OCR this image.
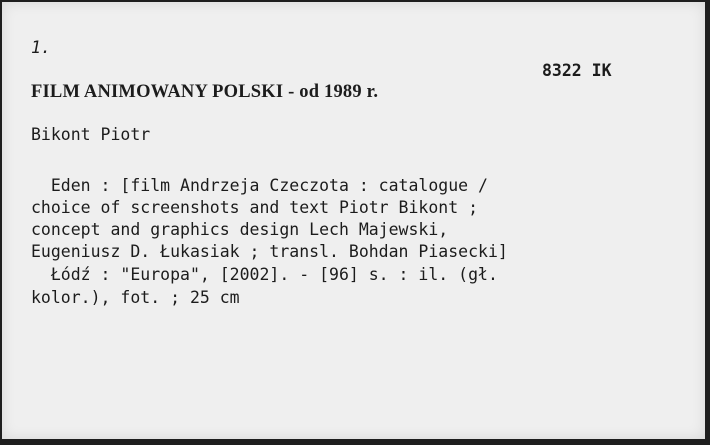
1.
8322 IK
FILM ANIMOWANY POLSKI - od 1989 r.
Bikont Piotr
Eden : [film Andrzeja Czeczota : catalogue /
choice of screenshots and text Piotr Bikont ;
concept and graphics design Lech Majewski,
Eugeniusz D. Łukasiak ; transl. Bohdan Piasecki]
Łódź : "Europa", [2002]. - [96] s. : il. (gł.
kolor.), fot. ; 25 cm
